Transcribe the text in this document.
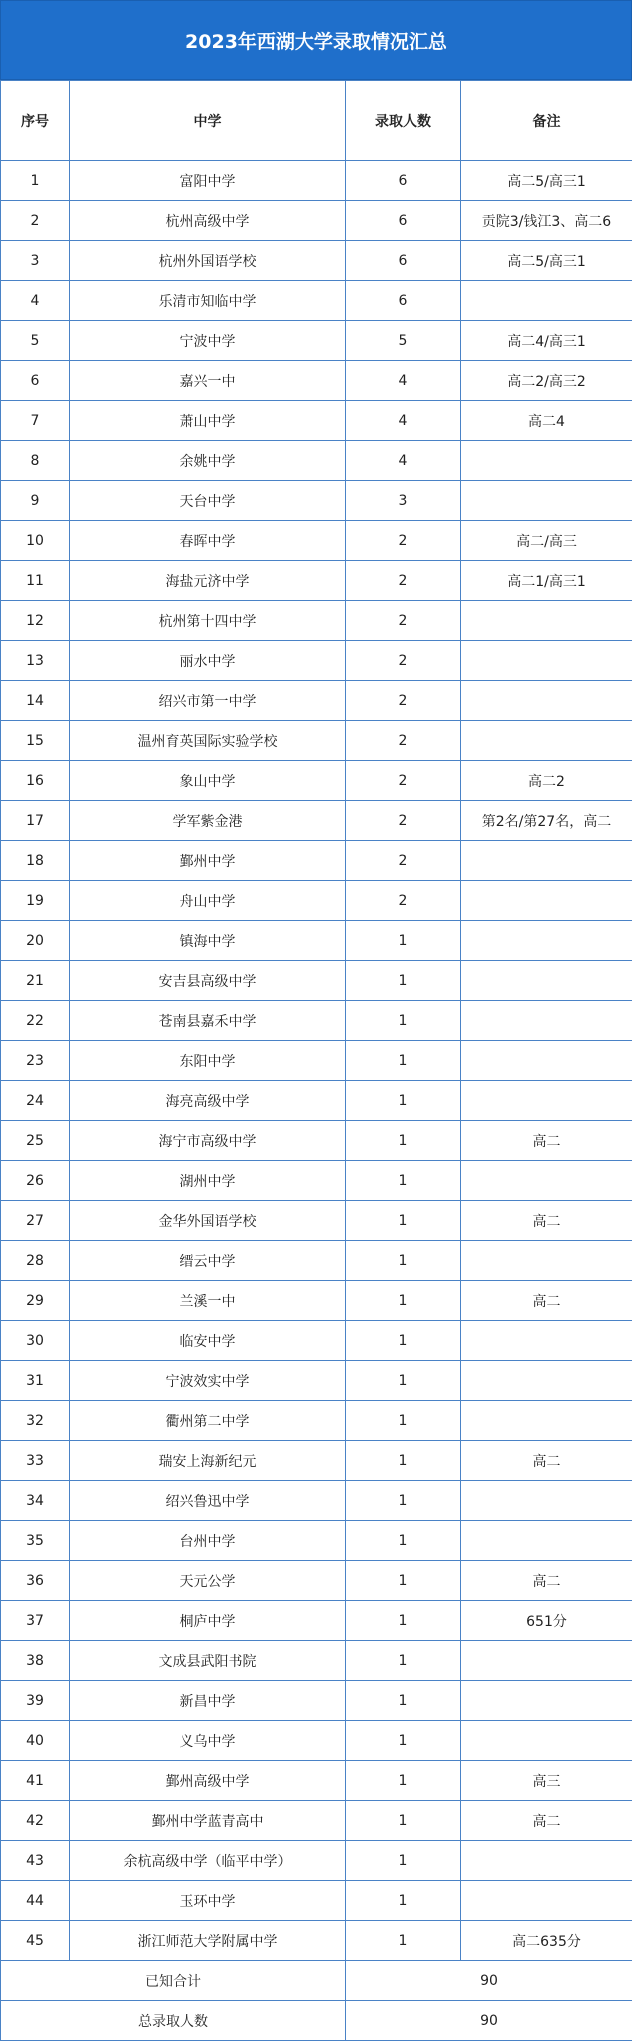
2023年西湖大学录取情况汇总
序号	中学	录取人数	备注
1	富阳中学	6	高二5/高三1
2	杭州高级中学	6	贡院3/钱江3、高二6
3	杭州外国语学校	6	高二5/高三1
4	乐清市知临中学	6	
5	宁波中学	5	高二4/高三1
6	嘉兴一中	4	高二2/高三2
7	萧山中学	4	高二4
8	余姚中学	4	
9	天台中学	3	
10	春晖中学	2	高二/高三
11	海盐元济中学	2	高二1/高三1
12	杭州第十四中学	2	
13	丽水中学	2	
14	绍兴市第一中学	2	
15	温州育英国际实验学校	2	
16	象山中学	2	高二2
17	学军紫金港	2	第2名/第27名，高二
18	鄞州中学	2	
19	舟山中学	2	
20	镇海中学	1	
21	安吉县高级中学	1	
22	苍南县嘉禾中学	1	
23	东阳中学	1	
24	海亮高级中学	1	
25	海宁市高级中学	1	高二
26	湖州中学	1	
27	金华外国语学校	1	高二
28	缙云中学	1	
29	兰溪一中	1	高二
30	临安中学	1	
31	宁波效实中学	1	
32	衢州第二中学	1	
33	瑞安上海新纪元	1	高二
34	绍兴鲁迅中学	1	
35	台州中学	1	
36	天元公学	1	高二
37	桐庐中学	1	651分
38	文成县武阳书院	1	
39	新昌中学	1	
40	义乌中学	1	
41	鄞州高级中学	1	高三
42	鄞州中学蓝青高中	1	高二
43	余杭高级中学（临平中学）	1	
44	玉环中学	1	
45	浙江师范大学附属中学	1	高二635分
已知合计		90	
总录取人数		90	
